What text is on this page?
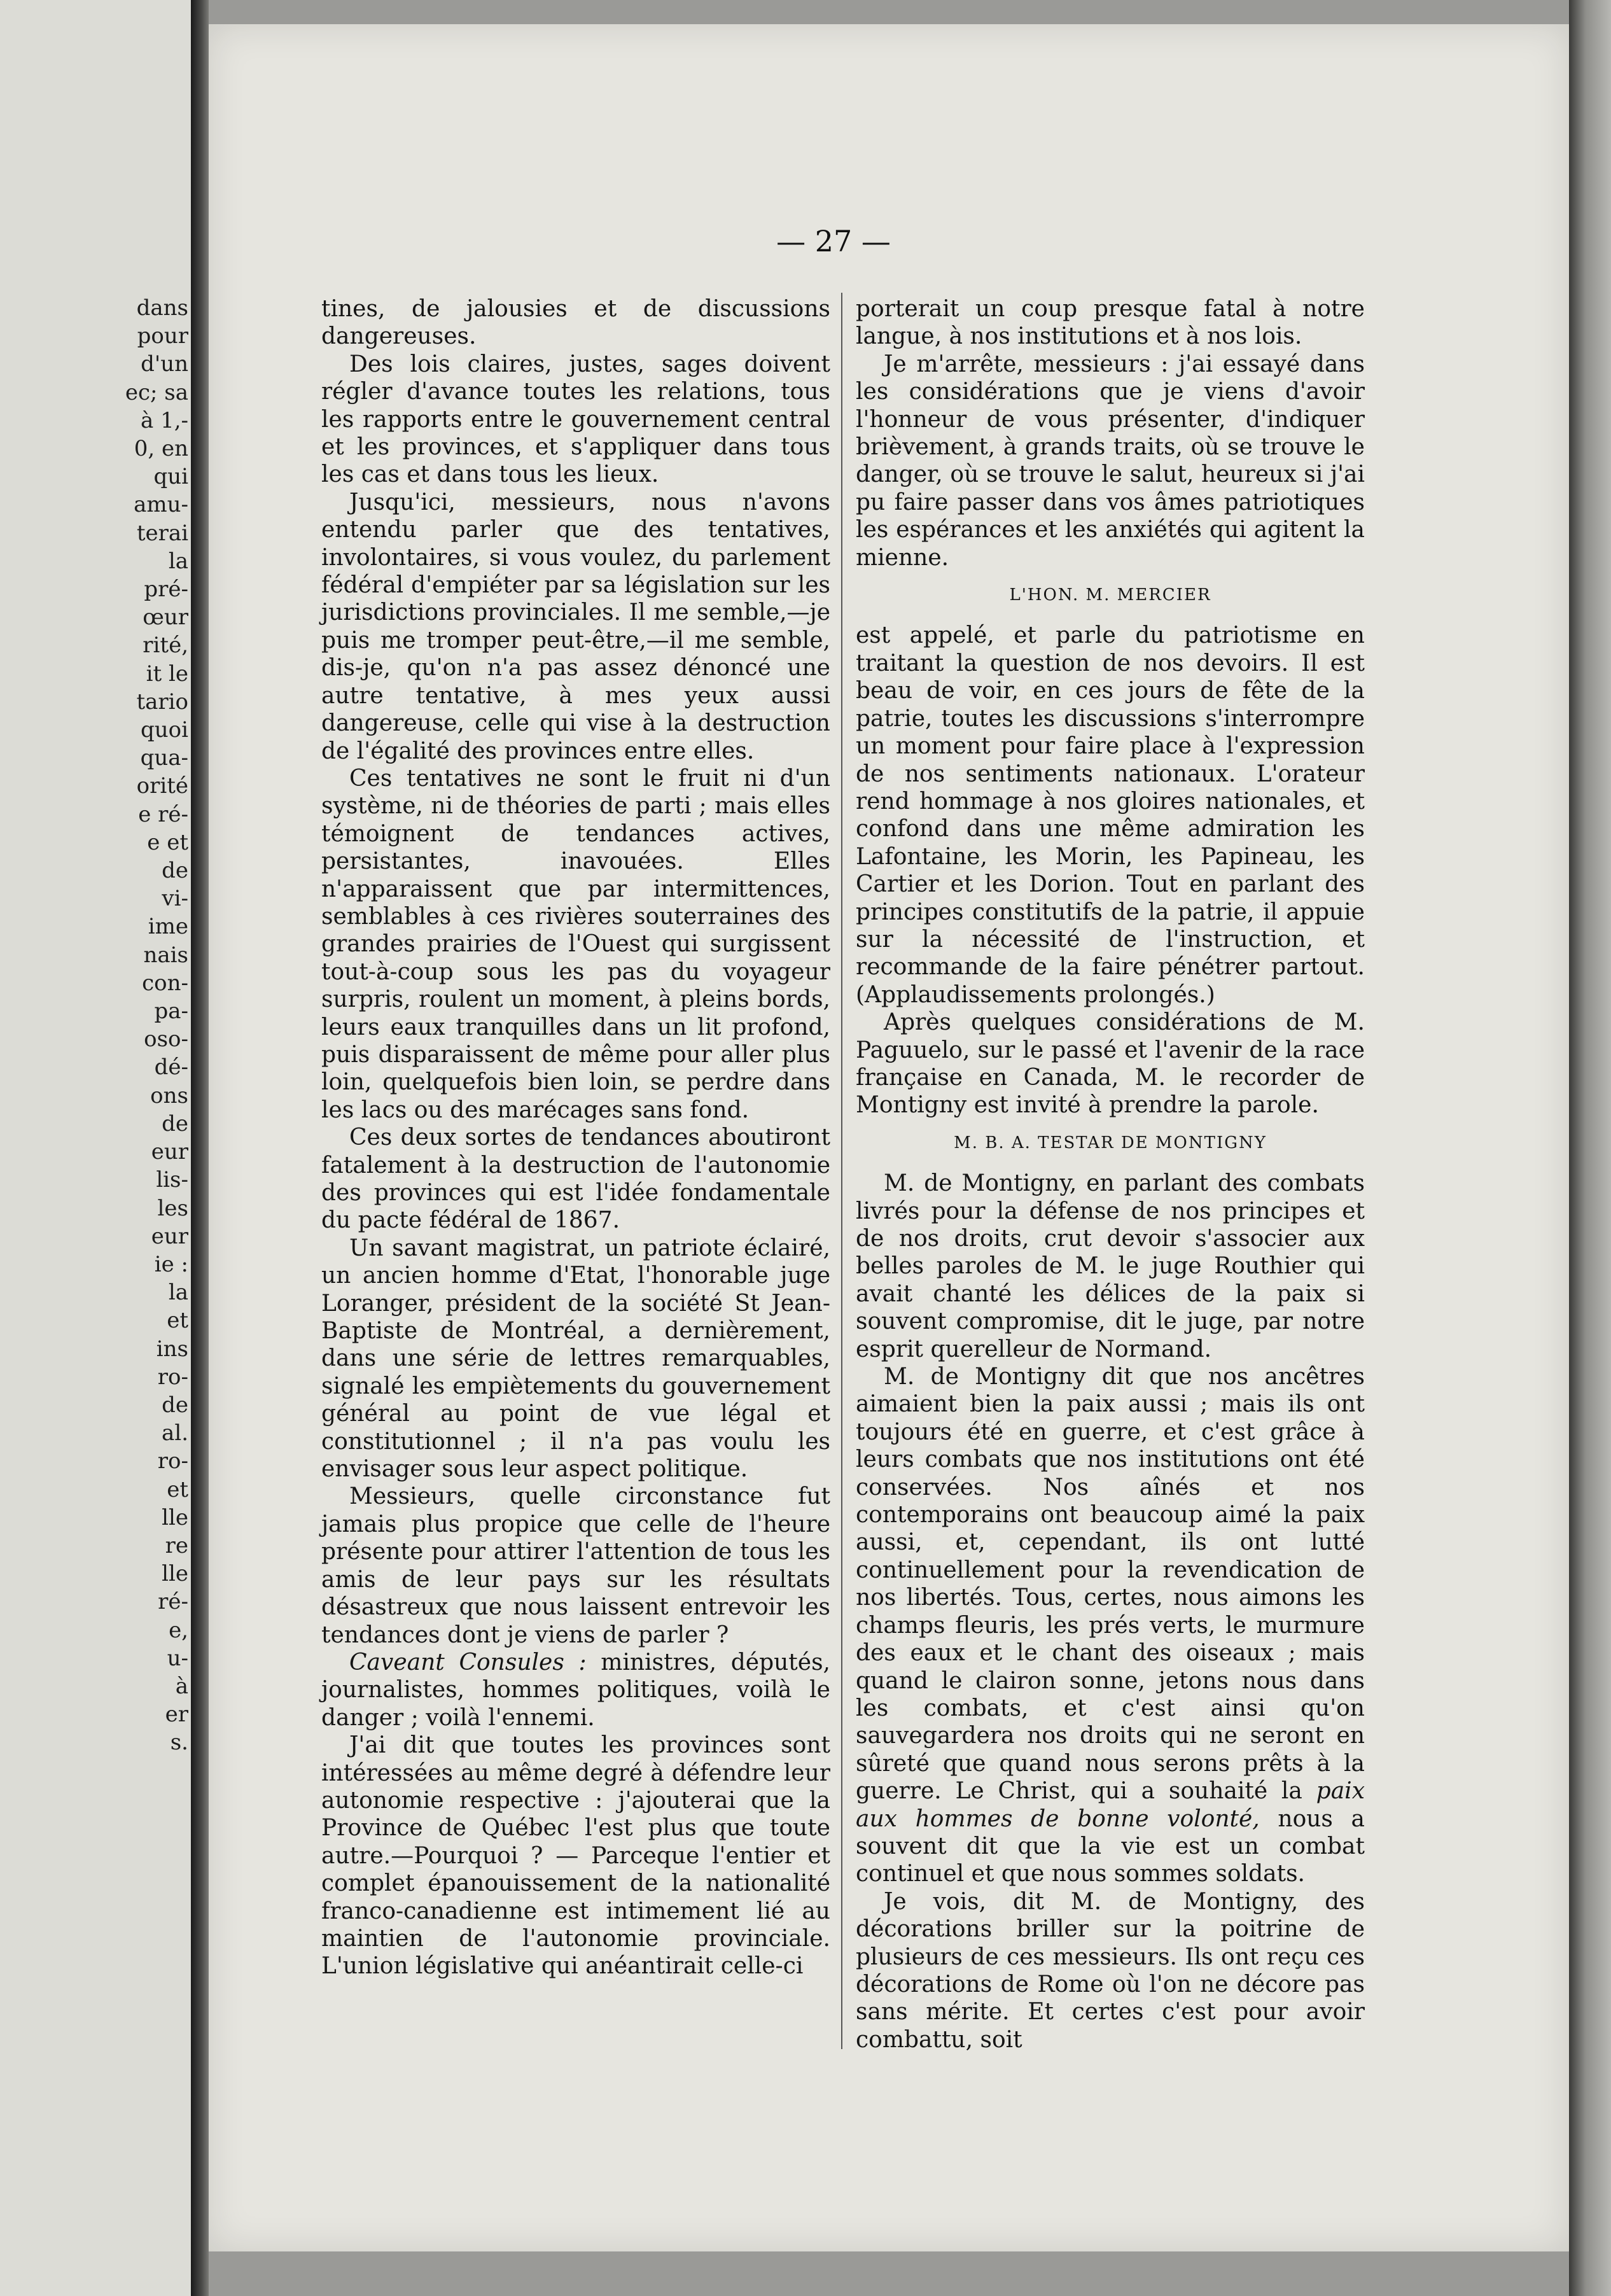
dans
pour
d'un
ec; sa
à 1,-
0, en
qui
amu-
terai
la
pré-
œur
rité,
it le
tario
quoi
qua-
orité
e ré-
e et
de
vi-
ime
nais
con-
pa-
oso-
dé-
ons
de
eur
lis-
les
eur
ie :
la
et
ins
ro-
de
al.
ro-
et
lle
re
lle
ré-
e,
u-
à
er
s.
— 27 —

tines, de jalousies et de discussions dangereuses.

Des lois claires, justes, sages doivent régler d'avance toutes les relations, tous les rapports entre le gouvernement central et les provinces, et s'appliquer dans tous les cas et dans tous les lieux.

Jusqu'ici, messieurs, nous n'avons entendu parler que des tentatives, involontaires, si vous voulez, du parlement fédéral d'empiéter par sa législation sur les jurisdictions provinciales. Il me semble,—je puis me tromper peut-être,—il me semble, dis-je, qu'on n'a pas assez dénoncé une autre tentative, à mes yeux aussi dangereuse, celle qui vise à la destruction de l'égalité des provinces entre elles.

Ces tentatives ne sont le fruit ni d'un système, ni de théories de parti ; mais elles témoignent de tendances actives, persistantes, inavouées. Elles n'apparaissent que par intermittences, semblables à ces rivières souterraines des grandes prairies de l'Ouest qui surgissent tout-à-coup sous les pas du voyageur surpris, roulent un moment, à pleins bords, leurs eaux tranquilles dans un lit profond, puis disparaissent de même pour aller plus loin, quelquefois bien loin, se perdre dans les lacs ou des marécages sans fond.

Ces deux sortes de tendances aboutiront fatalement à la destruction de l'autonomie des provinces qui est l'idée fondamentale du pacte fédéral de 1867.

Un savant magistrat, un patriote éclairé, un ancien homme d'Etat, l'honorable juge Loranger, président de la société St Jean-Baptiste de Montréal, a dernièrement, dans une série de lettres remarquables, signalé les empiètements du gouvernement général au point de vue légal et constitutionnel ; il n'a pas voulu les envisager sous leur aspect politique.

Messieurs, quelle circonstance fut jamais plus propice que celle de l'heure présente pour attirer l'attention de tous les amis de leur pays sur les résultats désastreux que nous laissent entrevoir les tendances dont je viens de parler ?

Caveant Consules : ministres, députés, journalistes, hommes politiques, voilà le danger ; voilà l'ennemi.

J'ai dit que toutes les provinces sont intéressées au même degré à défendre leur autonomie respective : j'ajouterai que la Province de Québec l'est plus que toute autre.—Pourquoi ? — Parceque l'entier et complet épanouissement de la nationalité franco-canadienne est intimement lié au maintien de l'autonomie provinciale. L'union législative qui anéantirait celle-ci

porterait un coup presque fatal à notre langue, à nos institutions et à nos lois.

Je m'arrête, messieurs : j'ai essayé dans les considérations que je viens d'avoir l'honneur de vous présenter, d'indiquer brièvement, à grands traits, où se trouve le danger, où se trouve le salut, heureux si j'ai pu faire passer dans vos âmes patriotiques les espérances et les anxiétés qui agitent la mienne.

L'HON. M. MERCIER

est appelé, et parle du patriotisme en traitant la question de nos devoirs. Il est beau de voir, en ces jours de fête de la patrie, toutes les discussions s'interrompre un moment pour faire place à l'expression de nos sentiments nationaux. L'orateur rend hommage à nos gloires nationales, et confond dans une même admiration les Lafontaine, les Morin, les Papineau, les Cartier et les Dorion. Tout en parlant des principes constitutifs de la patrie, il appuie sur la nécessité de l'instruction, et recommande de la faire pénétrer partout. (Applaudissements prolongés.)

Après quelques considérations de M. Paguuelo, sur le passé et l'avenir de la race française en Canada, M. le recorder de Montigny est invité à prendre la parole.

M. B. A. TESTAR DE MONTIGNY

M. de Montigny, en parlant des combats livrés pour la défense de nos principes et de nos droits, crut devoir s'associer aux belles paroles de M. le juge Routhier qui avait chanté les délices de la paix si souvent compromise, dit le juge, par notre esprit querelleur de Normand.

M. de Montigny dit que nos ancêtres aimaient bien la paix aussi ; mais ils ont toujours été en guerre, et c'est grâce à leurs combats que nos institutions ont été conservées. Nos aînés et nos contemporains ont beaucoup aimé la paix aussi, et, cependant, ils ont lutté continuellement pour la revendication de nos libertés. Tous, certes, nous aimons les champs fleuris, les prés verts, le murmure des eaux et le chant des oiseaux ; mais quand le clairon sonne, jetons nous dans les combats, et c'est ainsi qu'on sauvegardera nos droits qui ne seront en sûreté que quand nous serons prêts à la guerre. Le Christ, qui a souhaité la paix aux hommes de bonne volonté, nous a souvent dit que la vie est un combat continuel et que nous sommes soldats.

Je vois, dit M. de Montigny, des décorations briller sur la poitrine de plusieurs de ces messieurs. Ils ont reçu ces décorations de Rome où l'on ne décore pas sans mérite. Et certes c'est pour avoir combattu, soit
